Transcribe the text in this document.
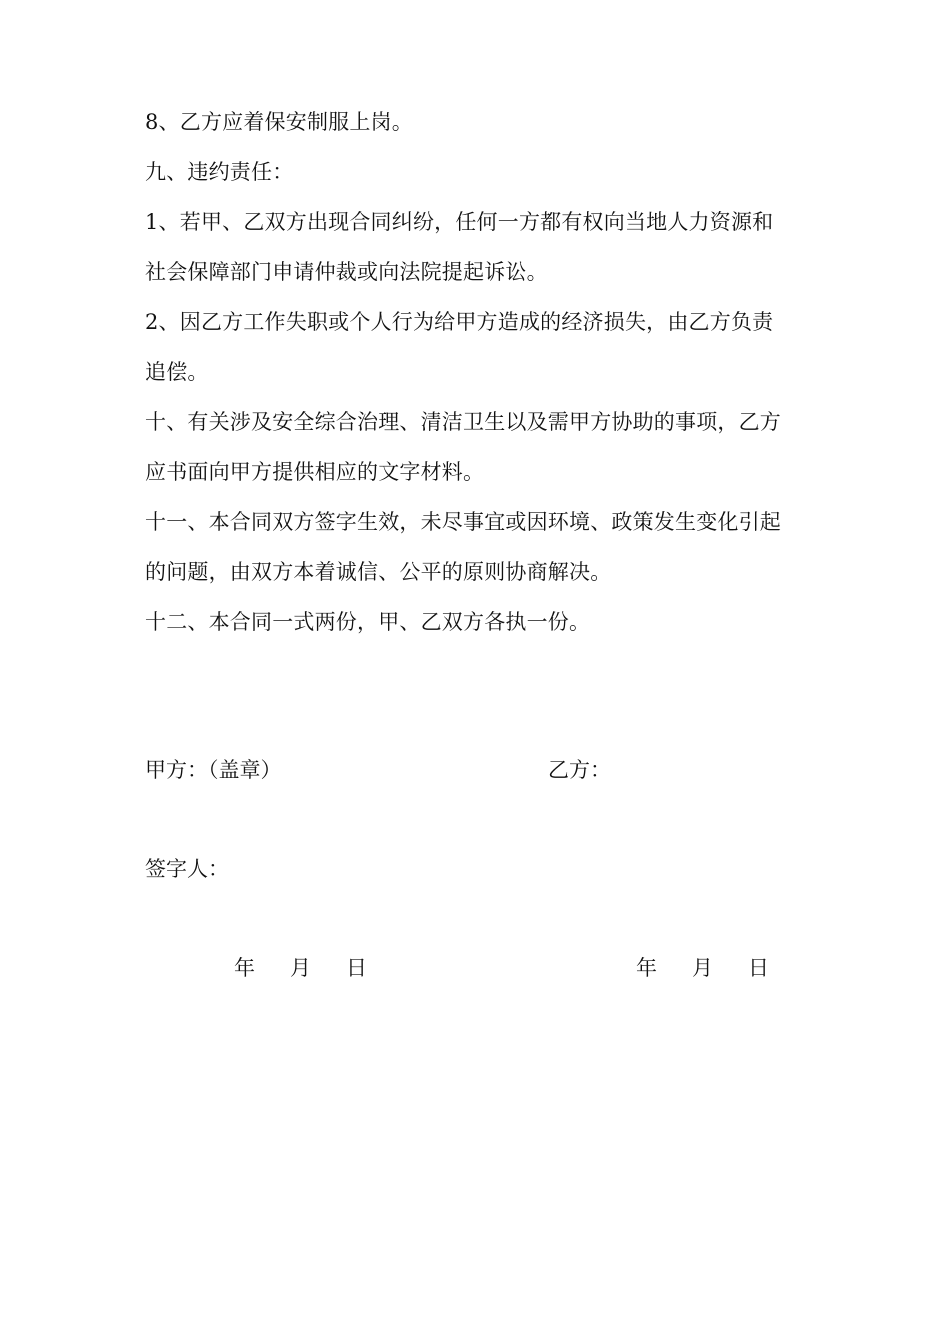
8、乙方应着保安制服上岗。
九、违约责任：
1、若甲、乙双方出现合同纠纷，任何一方都有权向当地人力资源和
社会保障部门申请仲裁或向法院提起诉讼。
2、因乙方工作失职或个人行为给甲方造成的经济损失，由乙方负责
追偿。
十、有关涉及安全综合治理、清洁卫生以及需甲方协助的事项，乙方
应书面向甲方提供相应的文字材料。
十一、本合同双方签字生效，未尽事宜或因环境、政策发生变化引起
的问题，由双方本着诚信、公平的原则协商解决。
十二、本合同一式两份，甲、乙双方各执一份。
甲方：（盖章）	乙方：
签字人：
年 月 日	年 月 日
